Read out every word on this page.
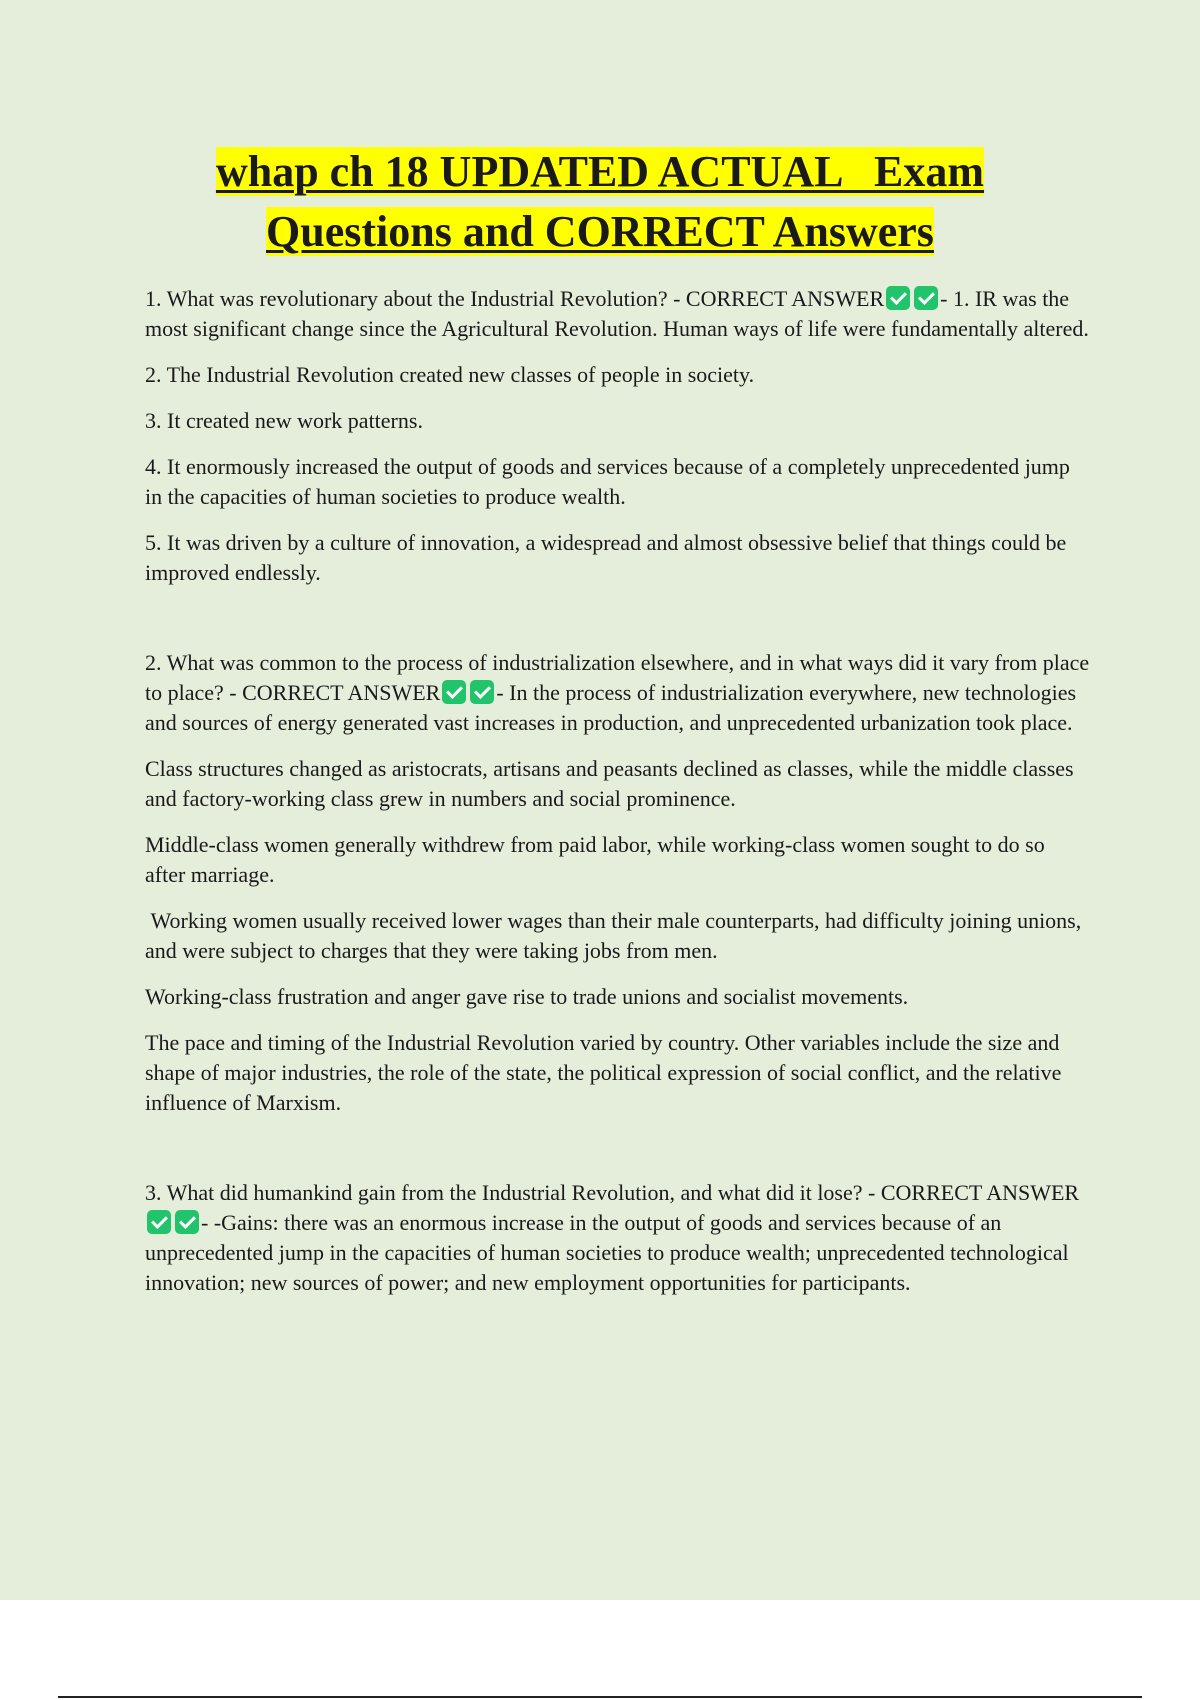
whap ch 18 UPDATED ACTUAL   Exam
Questions and CORRECT Answers

1. What was revolutionary about the Industrial Revolution? - CORRECT ANSWER	- 1. IR was the most significant change since the Agricultural Revolution. Human ways of life were fundamentally altered.

2. The Industrial Revolution created new classes of people in society.

3. It created new work patterns.

4. It enormously increased the output of goods and services because of a completely unprecedented jump in the capacities of human societies to produce wealth.

5. It was driven by a culture of innovation, a widespread and almost obsessive belief that things could be improved endlessly.

2. What was common to the process of industrialization elsewhere, and in what ways did it vary from place to place? - CORRECT ANSWER	- In the process of industrialization everywhere, new technologies and sources of energy generated vast increases in production, and unprecedented urbanization took place.

Class structures changed as aristocrats, artisans and peasants declined as classes, while the middle classes and factory-working class grew in numbers and social prominence.

Middle-class women generally withdrew from paid labor, while working-class women sought to do so after marriage.

Working women usually received lower wages than their male counterparts, had difficulty joining unions, and were subject to charges that they were taking jobs from men.

Working-class frustration and anger gave rise to trade unions and socialist movements.

The pace and timing of the Industrial Revolution varied by country. Other variables include the size and shape of major industries, the role of the state, the political expression of social conflict, and the relative influence of Marxism.

3. What did humankind gain from the Industrial Revolution, and what did it lose? - CORRECT ANSWER- -Gains: there was an enormous increase in the output of goods and services because of an unprecedented jump in the capacities of human societies to produce wealth; unprecedented technological innovation; new sources of power; and new employment opportunities for participants.
